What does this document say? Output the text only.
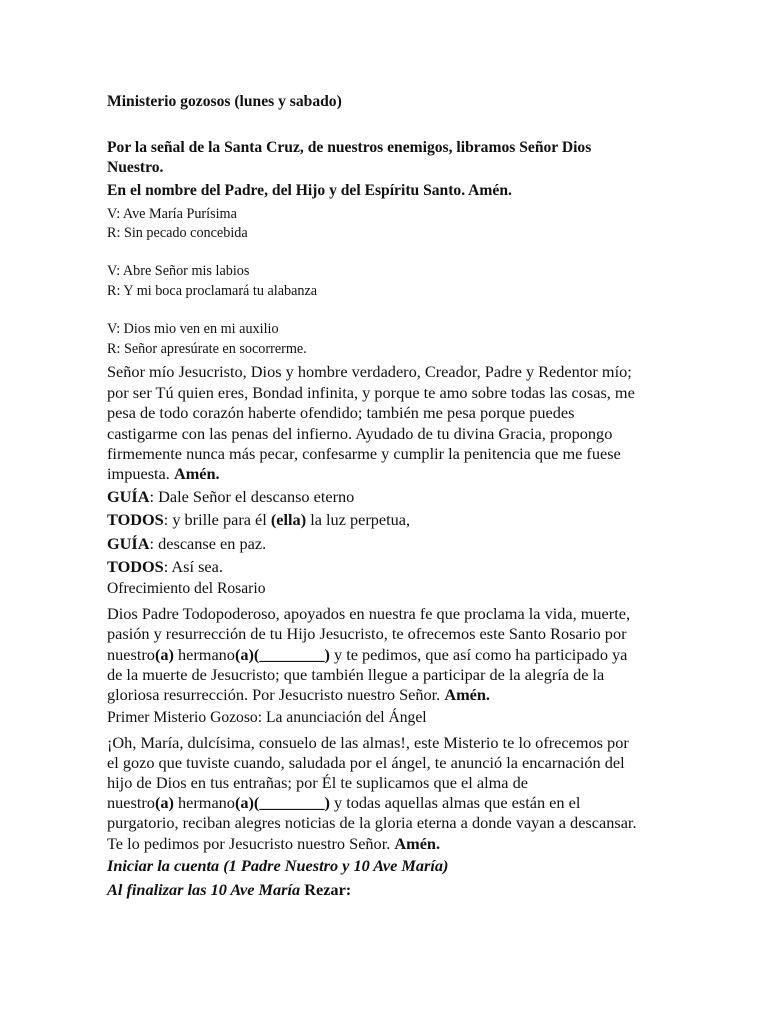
Ministerio gozosos (lunes y sabado)
Por la señal de la Santa Cruz, de nuestros enemigos, libramos Señor Dios
Nuestro.
En el nombre del Padre, del Hijo y del Espíritu Santo. Amén.
V: Ave María Purísima
R: Sin pecado concebida
V: Abre Señor mis labios
R: Y mi boca proclamará tu alabanza
V: Dios mio ven en mi auxilio
R: Señor apresúrate en socorrerme.
Señor mío Jesucristo, Dios y hombre verdadero, Creador, Padre y Redentor mío;
por ser Tú quien eres, Bondad infinita, y porque te amo sobre todas las cosas, me
pesa de todo corazón haberte ofendido; también me pesa porque puedes
castigarme con las penas del infierno. Ayudado de tu divina Gracia, propongo
firmemente nunca más pecar, confesarme y cumplir la penitencia que me fuese
impuesta. Amén.
GUÍA: Dale Señor el descanso eterno
TODOS: y brille para él (ella) la luz perpetua,
GUÍA: descanse en paz.
TODOS: Así sea.
Ofrecimiento del Rosario
Dios Padre Todopoderoso, apoyados en nuestra fe que proclama la vida, muerte,
pasión y resurrección de tu Hijo Jesucristo, te ofrecemos este Santo Rosario por
nuestro(a) hermano(a)(________) y te pedimos, que así como ha participado ya
de la muerte de Jesucristo; que también llegue a participar de la alegría de la
gloriosa resurrección. Por Jesucristo nuestro Señor. Amén.
Primer Misterio Gozoso: La anunciación del Ángel
¡Oh, María, dulcísima, consuelo de las almas!, este Misterio te lo ofrecemos por
el gozo que tuviste cuando, saludada por el ángel, te anunció la encarnación del
hijo de Dios en tus entrañas; por Él te suplicamos que el alma de
nuestro(a) hermano(a)(________) y todas aquellas almas que están en el
purgatorio, reciban alegres noticias de la gloria eterna a donde vayan a descansar.
Te lo pedimos por Jesucristo nuestro Señor. Amén.
Iniciar la cuenta (1 Padre Nuestro y 10 Ave María)
Al finalizar las 10 Ave María Rezar:
